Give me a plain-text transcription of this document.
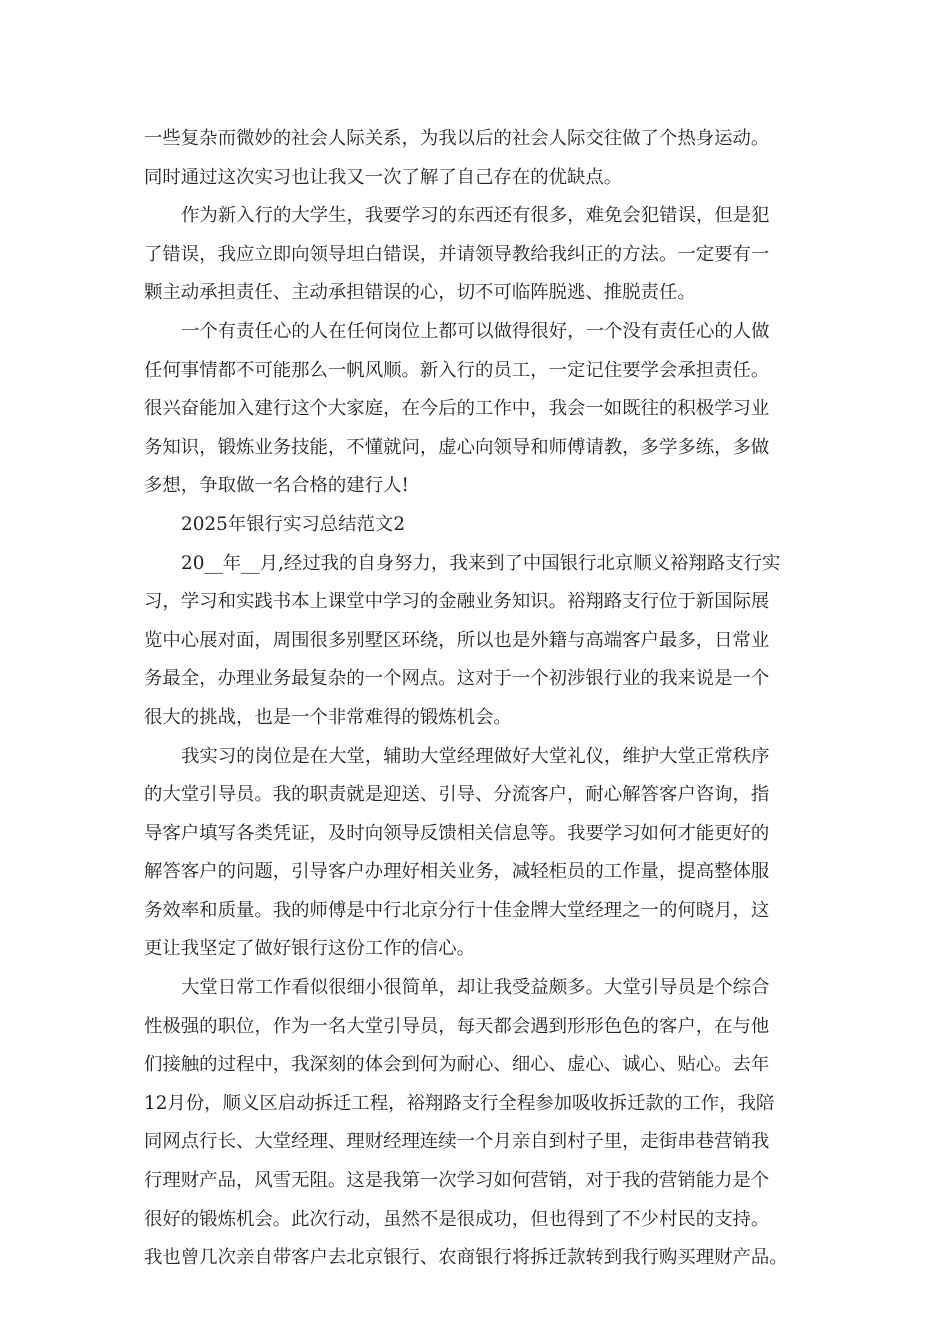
一些复杂而微妙的社会人际关系，为我以后的社会人际交往做了个热身运动。
同时通过这次实习也让我又一次了解了自己存在的优缺点。
作为新入行的大学生，我要学习的东西还有很多，难免会犯错误，但是犯
了错误，我应立即向领导坦白错误，并请领导教给我纠正的方法。一定要有一
颗主动承担责任、主动承担错误的心，切不可临阵脱逃、推脱责任。
一个有责任心的人在任何岗位上都可以做得很好，一个没有责任心的人做
任何事情都不可能那么一帆风顺。新入行的员工，一定记住要学会承担责任。
很兴奋能加入建行这个大家庭，在今后的工作中，我会一如既往的积极学习业
务知识，锻炼业务技能，不懂就问，虚心向领导和师傅请教，多学多练，多做
多想，争取做一名合格的建行人!
2025年银行实习总结范文2
20__年__月,经过我的自身努力，我来到了中国银行北京顺义裕翔路支行实
习，学习和实践书本上课堂中学习的金融业务知识。裕翔路支行位于新国际展
览中心展对面，周围很多别墅区环绕，所以也是外籍与高端客户最多，日常业
务最全，办理业务最复杂的一个网点。这对于一个初涉银行业的我来说是一个
很大的挑战，也是一个非常难得的锻炼机会。
我实习的岗位是在大堂，辅助大堂经理做好大堂礼仪，维护大堂正常秩序
的大堂引导员。我的职责就是迎送、引导、分流客户，耐心解答客户咨询，指
导客户填写各类凭证，及时向领导反馈相关信息等。我要学习如何才能更好的
解答客户的问题，引导客户办理好相关业务，减轻柜员的工作量，提高整体服
务效率和质量。我的师傅是中行北京分行十佳金牌大堂经理之一的何晓月，这
更让我坚定了做好银行这份工作的信心。
大堂日常工作看似很细小很简单，却让我受益颇多。大堂引导员是个综合
性极强的职位，作为一名大堂引导员，每天都会遇到形形色色的客户，在与他
们接触的过程中，我深刻的体会到何为耐心、细心、虚心、诚心、贴心。去年
12月份，顺义区启动拆迁工程，裕翔路支行全程参加吸收拆迁款的工作，我陪
同网点行长、大堂经理、理财经理连续一个月亲自到村子里，走街串巷营销我
行理财产品，风雪无阻。这是我第一次学习如何营销，对于我的营销能力是个
很好的锻炼机会。此次行动，虽然不是很成功，但也得到了不少村民的支持。
我也曾几次亲自带客户去北京银行、农商银行将拆迁款转到我行购买理财产品。
